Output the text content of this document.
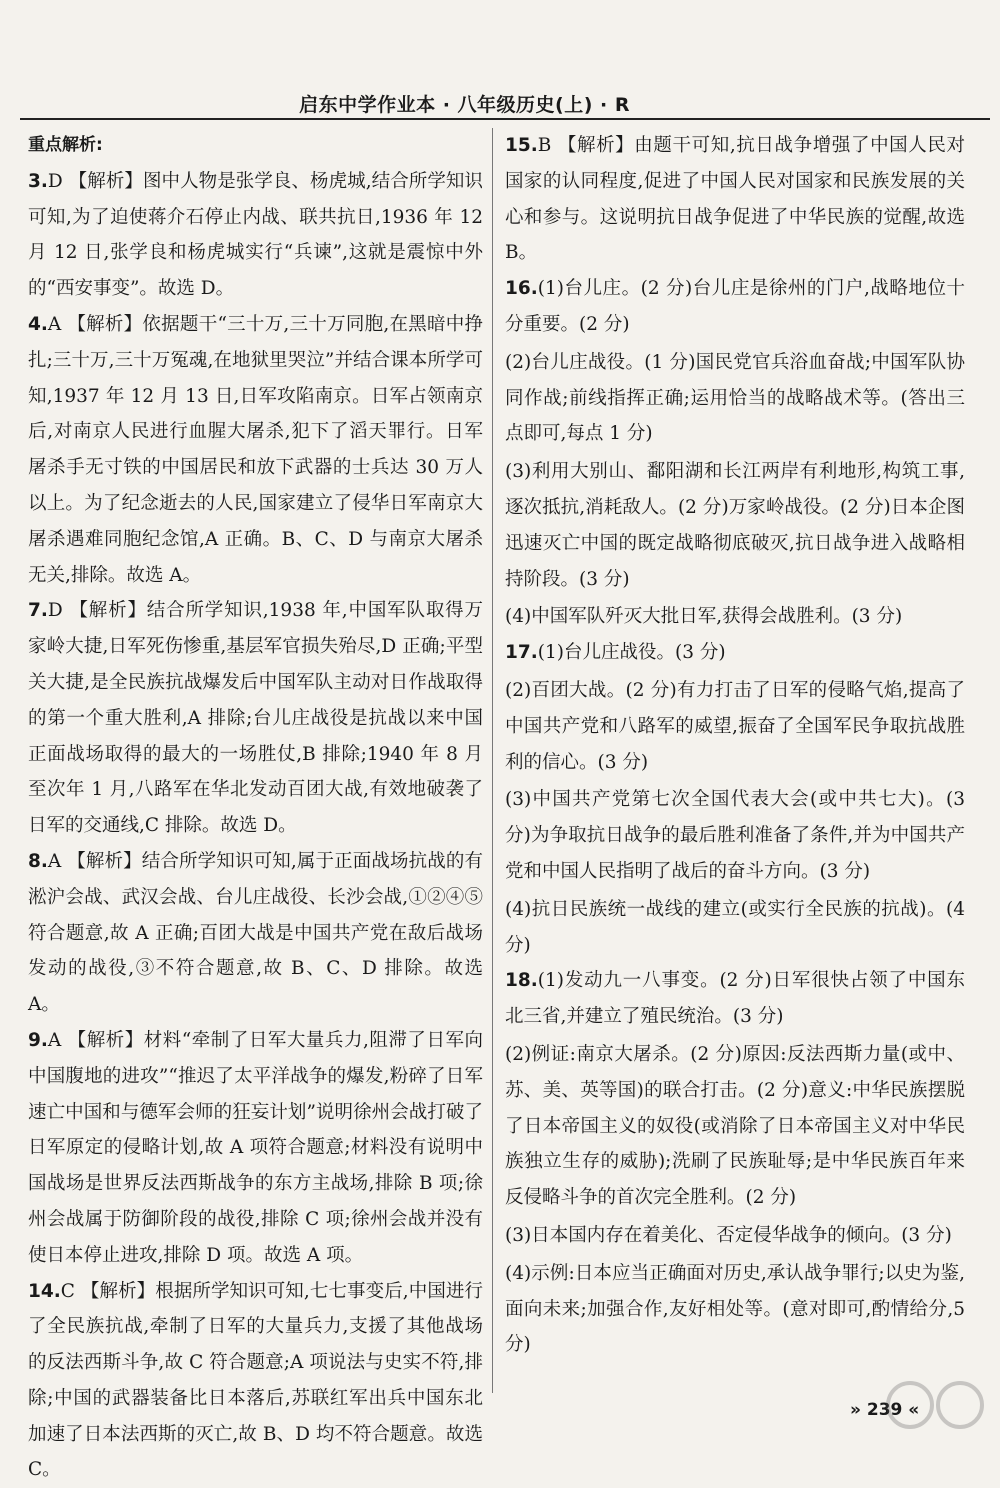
启东中学作业本 · 八年级历史(上) · R
重点解析:
3.D 【解析】图中人物是张学良、杨虎城,结合所学知识可知,为了迫使蒋介石停止内战、联共抗日,1936 年 12 月 12 日,张学良和杨虎城实行“兵谏”,这就是震惊中外的“西安事变”。故选 D。
4.A 【解析】依据题干“三十万,三十万同胞,在黑暗中挣扎;三十万,三十万冤魂,在地狱里哭泣”并结合课本所学可知,1937 年 12 月 13 日,日军攻陷南京。日军占领南京后,对南京人民进行血腥大屠杀,犯下了滔天罪行。日军屠杀手无寸铁的中国居民和放下武器的士兵达 30 万人以上。为了纪念逝去的人民,国家建立了侵华日军南京大屠杀遇难同胞纪念馆,A 正确。B、C、D 与南京大屠杀无关,排除。故选 A。
7.D 【解析】结合所学知识,1938 年,中国军队取得万家岭大捷,日军死伤惨重,基层军官损失殆尽,D 正确;平型关大捷,是全民族抗战爆发后中国军队主动对日作战取得的第一个重大胜利,A 排除;台儿庄战役是抗战以来中国正面战场取得的最大的一场胜仗,B 排除;1940 年 8 月至次年 1 月,八路军在华北发动百团大战,有效地破袭了日军的交通线,C 排除。故选 D。
8.A 【解析】结合所学知识可知,属于正面战场抗战的有淞沪会战、武汉会战、台儿庄战役、长沙会战,①②④⑤符合题意,故 A 正确;百团大战是中国共产党在敌后战场发动的战役,③不符合题意,故 B、C、D 排除。故选 A。
9.A 【解析】材料“牵制了日军大量兵力,阻滞了日军向中国腹地的进攻”“推迟了太平洋战争的爆发,粉碎了日军速亡中国和与德军会师的狂妄计划”说明徐州会战打破了日军原定的侵略计划,故 A 项符合题意;材料没有说明中国战场是世界反法西斯战争的东方主战场,排除 B 项;徐州会战属于防御阶段的战役,排除 C 项;徐州会战并没有使日本停止进攻,排除 D 项。故选 A 项。
14.C 【解析】根据所学知识可知,七七事变后,中国进行了全民族抗战,牵制了日军的大量兵力,支援了其他战场的反法西斯斗争,故 C 符合题意;A 项说法与史实不符,排除;中国的武器装备比日本落后,苏联红军出兵中国东北加速了日本法西斯的灭亡,故 B、D 均不符合题意。故选 C。
15.B 【解析】由题干可知,抗日战争增强了中国人民对国家的认同程度,促进了中国人民对国家和民族发展的关心和参与。这说明抗日战争促进了中华民族的觉醒,故选 B。
16.(1)台儿庄。(2 分)台儿庄是徐州的门户,战略地位十分重要。(2 分)
(2)台儿庄战役。(1 分)国民党官兵浴血奋战;中国军队协同作战;前线指挥正确;运用恰当的战略战术等。(答出三点即可,每点 1 分)
(3)利用大别山、鄱阳湖和长江两岸有利地形,构筑工事,逐次抵抗,消耗敌人。(2 分)万家岭战役。(2 分)日本企图迅速灭亡中国的既定战略彻底破灭,抗日战争进入战略相持阶段。(3 分)
(4)中国军队歼灭大批日军,获得会战胜利。(3 分)
17.(1)台儿庄战役。(3 分)
(2)百团大战。(2 分)有力打击了日军的侵略气焰,提高了中国共产党和八路军的威望,振奋了全国军民争取抗战胜利的信心。(3 分)
(3)中国共产党第七次全国代表大会(或中共七大)。(3 分)为争取抗日战争的最后胜利准备了条件,并为中国共产党和中国人民指明了战后的奋斗方向。(3 分)
(4)抗日民族统一战线的建立(或实行全民族的抗战)。(4 分)
18.(1)发动九一八事变。(2 分)日军很快占领了中国东北三省,并建立了殖民统治。(3 分)
(2)例证:南京大屠杀。(2 分)原因:反法西斯力量(或中、苏、美、英等国)的联合打击。(2 分)意义:中华民族摆脱了日本帝国主义的奴役(或消除了日本帝国主义对中华民族独立生存的威胁);洗刷了民族耻辱;是中华民族百年来反侵略斗争的首次完全胜利。(2 分)
(3)日本国内存在着美化、否定侵华战争的倾向。(3 分)
(4)示例:日本应当正确面对历史,承认战争罪行;以史为鉴,面向未来;加强合作,友好相处等。(意对即可,酌情给分,5 分)
» 239 «
